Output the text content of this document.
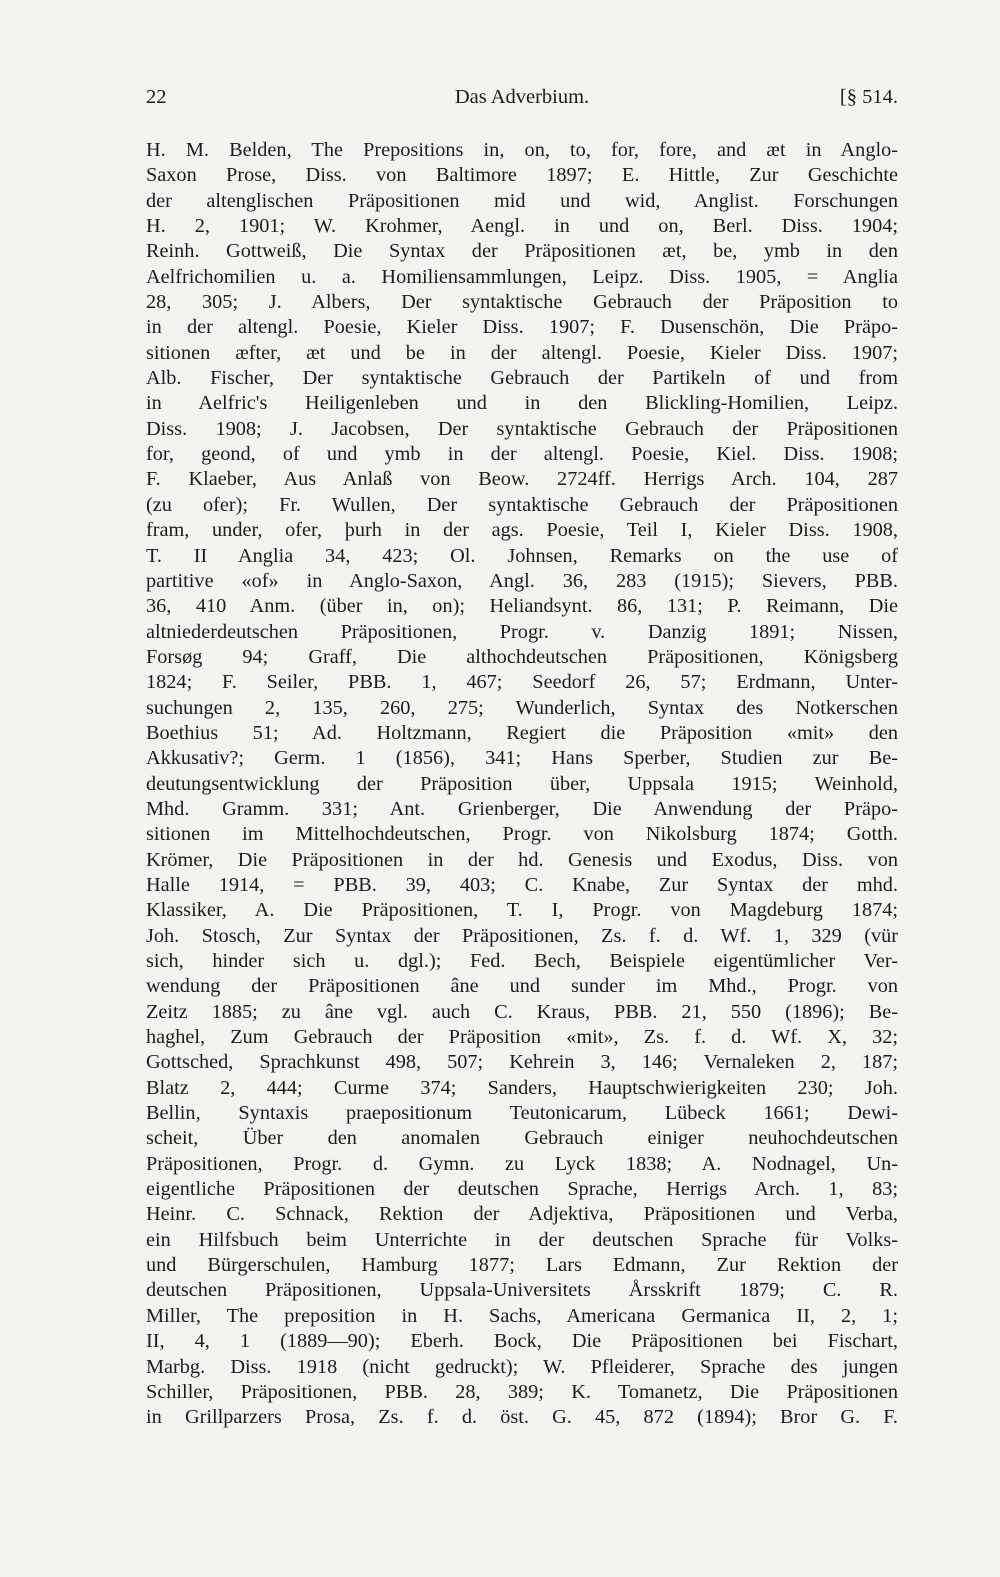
22	Das Adverbium.	[§ 514.
H. M. Belden, The Prepositions in, on, to, for, fore, and æt in Anglo-
Saxon Prose, Diss. von Baltimore 1897; E. Hittle, Zur Geschichte
der altenglischen Präpositionen mid und wid, Anglist. Forschungen
H. 2, 1901; W. Krohmer, Aengl. in und on, Berl. Diss. 1904;
Reinh. Gottweiß, Die Syntax der Präpositionen æt, be, ymb in den
Aelfrichomilien u. a. Homiliensammlungen, Leipz. Diss. 1905, = Anglia
28, 305; J. Albers, Der syntaktische Gebrauch der Präposition to
in der altengl. Poesie, Kieler Diss. 1907; F. Dusenschön, Die Präpo-
sitionen æfter, æt und be in der altengl. Poesie, Kieler Diss. 1907;
Alb. Fischer, Der syntaktische Gebrauch der Partikeln of und from
in Aelfric's Heiligenleben und in den Blickling-Homilien, Leipz.
Diss. 1908; J. Jacobsen, Der syntaktische Gebrauch der Präpositionen
for, geond, of und ymb in der altengl. Poesie, Kiel. Diss. 1908;
F. Klaeber, Aus Anlaß von Beow. 2724ff. Herrigs Arch. 104, 287
(zu ofer); Fr. Wullen, Der syntaktische Gebrauch der Präpositionen
fram, under, ofer, þurh in der ags. Poesie, Teil I, Kieler Diss. 1908,
T. II Anglia 34, 423; Ol. Johnsen, Remarks on the use of
partitive «of» in Anglo-Saxon, Angl. 36, 283 (1915); Sievers, PBB.
36, 410 Anm. (über in, on); Heliandsynt. 86, 131; P. Reimann, Die
altniederdeutschen Präpositionen, Progr. v. Danzig 1891; Nissen,
Forsøg 94; Graff, Die althochdeutschen Präpositionen, Königsberg
1824; F. Seiler, PBB. 1, 467; Seedorf 26, 57; Erdmann, Unter-
suchungen 2, 135, 260, 275; Wunderlich, Syntax des Notkerschen
Boethius 51; Ad. Holtzmann, Regiert die Präposition «mit» den
Akkusativ?; Germ. 1 (1856), 341; Hans Sperber, Studien zur Be-
deutungsentwicklung der Präposition über, Uppsala 1915; Weinhold,
Mhd. Gramm. 331; Ant. Grienberger, Die Anwendung der Präpo-
sitionen im Mittelhochdeutschen, Progr. von Nikolsburg 1874; Gotth.
Krömer, Die Präpositionen in der hd. Genesis und Exodus, Diss. von
Halle 1914, = PBB. 39, 403; C. Knabe, Zur Syntax der mhd.
Klassiker, A. Die Präpositionen, T. I, Progr. von Magdeburg 1874;
Joh. Stosch, Zur Syntax der Präpositionen, Zs. f. d. Wf. 1, 329 (vür
sich, hinder sich u. dgl.); Fed. Bech, Beispiele eigentümlicher Ver-
wendung der Präpositionen âne und sunder im Mhd., Progr. von
Zeitz 1885; zu âne vgl. auch C. Kraus, PBB. 21, 550 (1896); Be-
haghel, Zum Gebrauch der Präposition «mit», Zs. f. d. Wf. X, 32;
Gottsched, Sprachkunst 498, 507; Kehrein 3, 146; Vernaleken 2, 187;
Blatz 2, 444; Curme 374; Sanders, Hauptschwierigkeiten 230; Joh.
Bellin, Syntaxis praepositionum Teutonicarum, Lübeck 1661; Dewi-
scheit, Über den anomalen Gebrauch einiger neuhochdeutschen
Präpositionen, Progr. d. Gymn. zu Lyck 1838; A. Nodnagel, Un-
eigentliche Präpositionen der deutschen Sprache, Herrigs Arch. 1, 83;
Heinr. C. Schnack, Rektion der Adjektiva, Präpositionen und Verba,
ein Hilfsbuch beim Unterrichte in der deutschen Sprache für Volks-
und Bürgerschulen, Hamburg 1877; Lars Edmann, Zur Rektion der
deutschen Präpositionen, Uppsala-Universitets Årsskrift 1879; C. R.
Miller, The preposition in H. Sachs, Americana Germanica II, 2, 1;
II, 4, 1 (1889—90); Eberh. Bock, Die Präpositionen bei Fischart,
Marbg. Diss. 1918 (nicht gedruckt); W. Pfleiderer, Sprache des jungen
Schiller, Präpositionen, PBB. 28, 389; K. Tomanetz, Die Präpositionen
in Grillparzers Prosa, Zs. f. d. öst. G. 45, 872 (1894); Bror G. F.
